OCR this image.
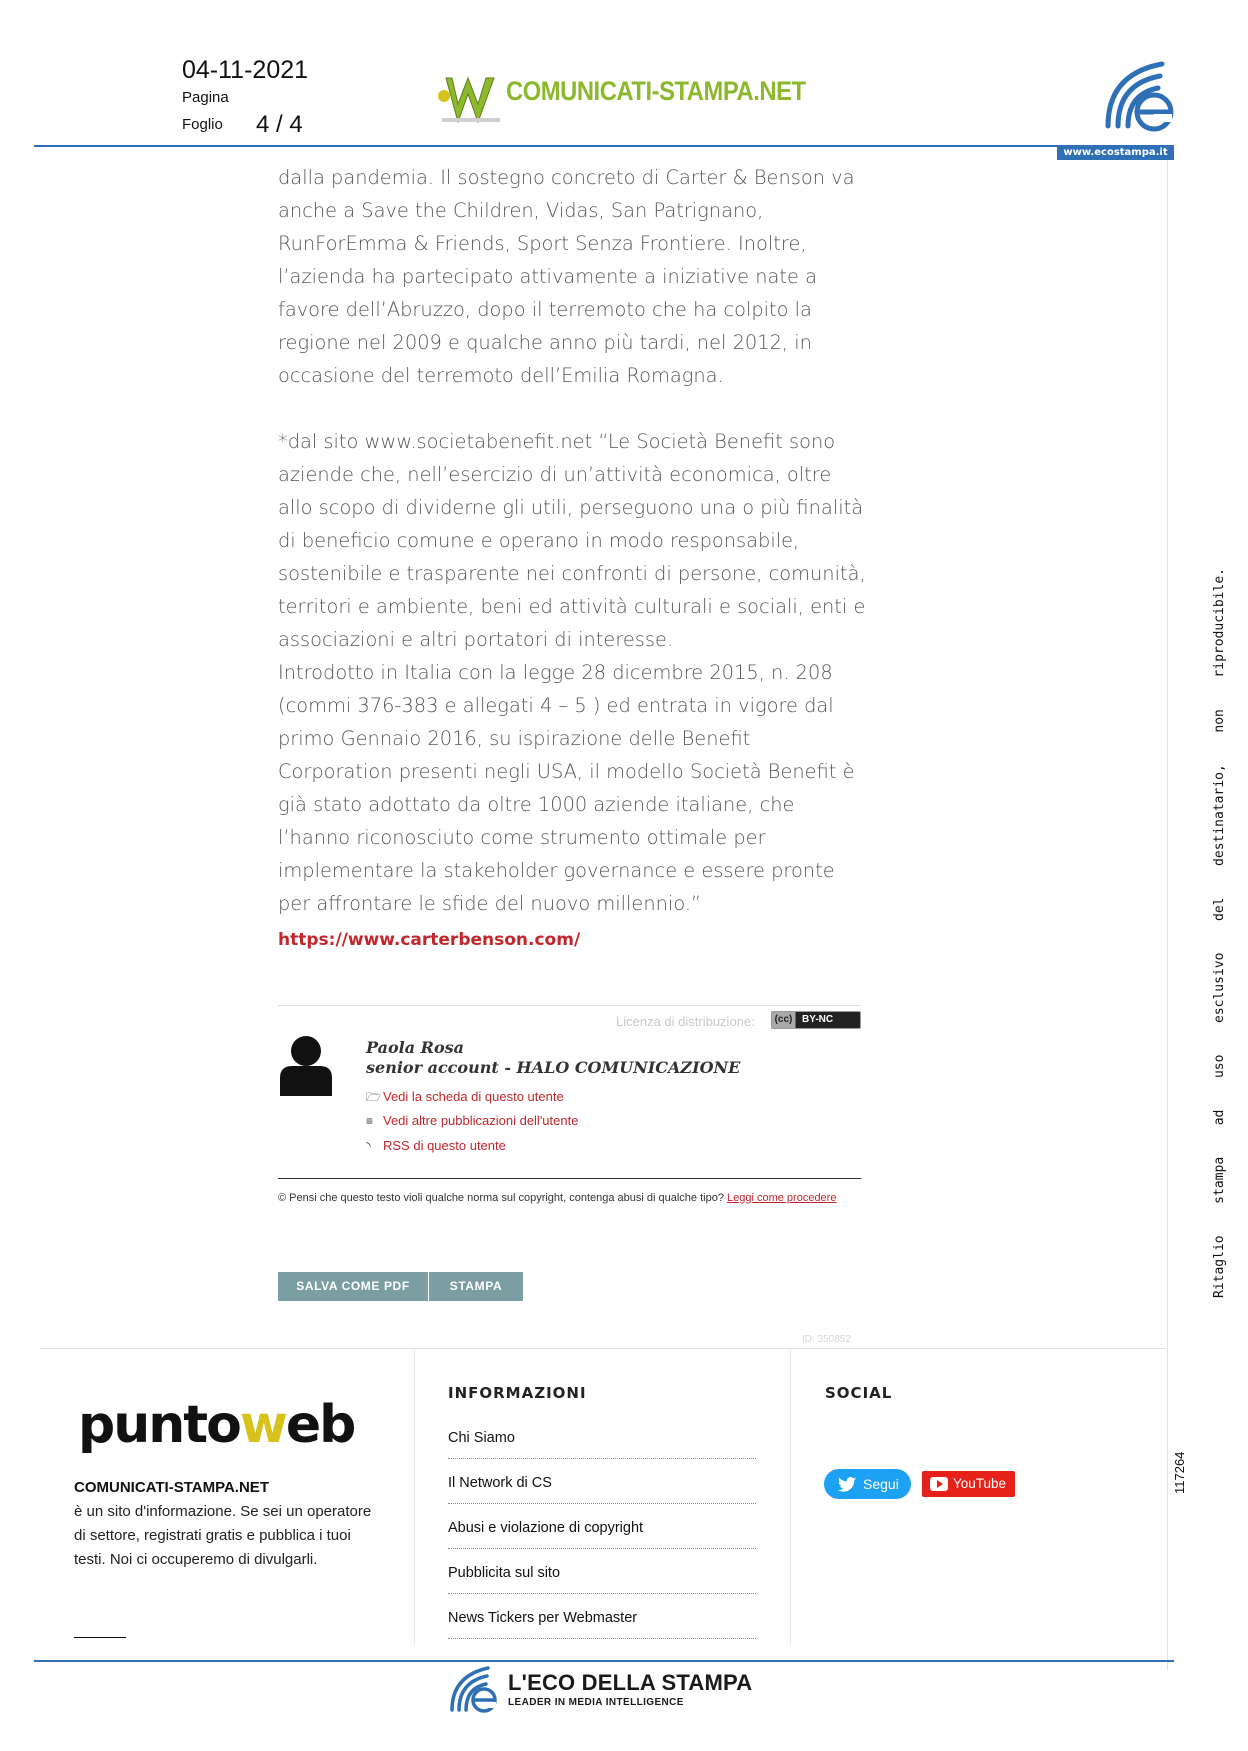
04-11-2021
Pagina
Foglio 4 / 4
COMUNICATI-STAMPA.NET
www.ecostampa.it

dalla pandemia. Il sostegno concreto di Carter & Benson va anche a Save the Children, Vidas, San Patrignano, RunForEmma & Friends, Sport Senza Frontiere. Inoltre, l’azienda ha partecipato attivamente a iniziative nate a favore dell’Abruzzo, dopo il terremoto che ha colpito la regione nel 2009 e qualche anno più tardi, nel 2012, in occasione del terremoto dell’Emilia Romagna.

*dal sito www.societabenefit.net “Le Società Benefit sono aziende che, nell’esercizio di un’attività economica, oltre allo scopo di dividerne gli utili, perseguono una o più finalità di beneficio comune e operano in modo responsabile, sostenibile e trasparente nei confronti di persone, comunità, territori e ambiente, beni ed attività culturali e sociali, enti e associazioni e altri portatori di interesse.

Introdotto in Italia con la legge 28 dicembre 2015, n. 208 (commi 376-383 e allegati 4 – 5 ) ed entrata in vigore dal primo Gennaio 2016, su ispirazione delle Benefit Corporation presenti negli USA, il modello Società Benefit è già stato adottato da oltre 1000 aziende italiane, che l’hanno riconosciuto come strumento ottimale per implementare la stakeholder governance e essere pronte per affrontare le sfide del nuovo millennio.”

https://www.carterbenson.com/
Licenza di distribuzione:	(cc) BY-NC
Paola Rosa
senior account - HALO COMUNICAZIONE
🗁 Vedi la scheda di questo utente
≡ Vedi altre pubblicazioni dell'utente
◝ RSS di questo utente
© Pensi che questo testo violi qualche norma sul copyright, contenga abusi di qualche tipo? Leggi come procedere
SALVA COME PDF	STAMPA
ID: 350852
puntoweb
COMUNICATI-STAMPA.NET
è un sito d'informazione. Se sei un operatore di settore, registrati gratis e pubblica i tuoi testi. Noi ci occuperemo di divulgarli.
INFORMAZIONI
Chi Siamo
Il Network di CS
Abusi e violazione di copyright
Pubblicita sul sito
News Tickers per Webmaster
SOCIAL
Segui	YouTube	117264
Ritaglio stampa ad uso esclusivo del destinatario, non riproducibile.
L'ECO DELLA STAMPA
LEADER IN MEDIA INTELLIGENCE
